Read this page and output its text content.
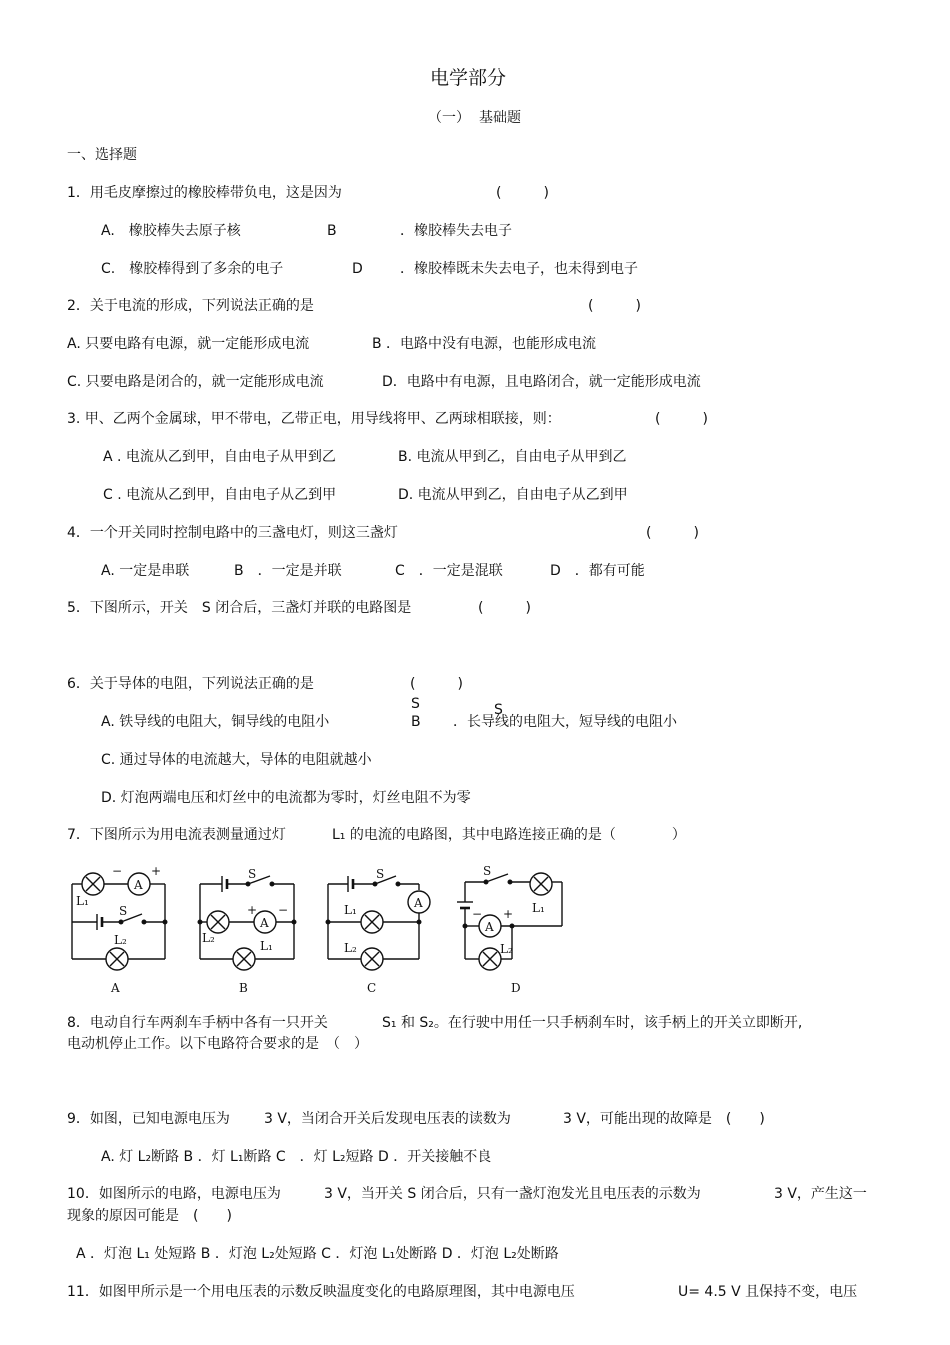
电学部分
（一） 基础题
一、选择题
1．用毛皮摩擦过的橡胶棒带负电，这是因为	(　　　)
A.　橡胶棒失去原子核	B	．橡胶棒失去电子
C.　橡胶棒得到了多余的电子	D	．橡胶棒既未失去电子，也未得到电子
2．关于电流的形成，下列说法正确的是	(　　　)
A. 只要电路有电源，就一定能形成电流	B ．电路中没有电源，也能形成电流
C. 只要电路是闭合的，就一定能形成电流	D．电路中有电源，且电路闭合，就一定能形成电流
3. 甲、乙两个金属球，甲不带电，乙带正电，用导线将甲、乙两球相联接，则：	(　　　)
A . 电流从乙到甲，自由电子从甲到乙	B. 电流从甲到乙，自由电子从甲到乙
C . 电流从乙到甲，自由电子从乙到甲	D. 电流从甲到乙，自由电子从乙到甲
4．一个开关同时控制电路中的三盏电灯，则这三盏灯	(　　　)
A. 一定是串联	B　．一定是并联	C　．一定是混联	D　．都有可能
5．下图所示，开关　S 闭合后，三盏灯并联的电路图是	(　　　)
6．关于导体的电阻，下列说法正确的是	(　　　)
S	S
A. 铁导线的电阻大，铜导线的电阻小	B ．长导线的电阻大，短导线的电阻小
C. 通过导体的电流越大，导体的电阻就越小
D. 灯泡两端电压和灯丝中的电流都为零时，灯丝电阻不为零
7．下图所示为用电流表测量通过灯	L₁ 的电流的电路图，其中电路连接正确的是（　　　　）
A
L₁
S
L₂
− +
A
A
S
L₂
L₁
+ −
B
A
S
L₁
L₂
C
A
S
L₁
L₂
+
−
D
8．电动自行车两刹车手柄中各有一只开关	S₁ 和 S₂。在行驶中用任一只手柄刹车时，该手柄上的开关立即断开,
电动机停止工作。以下电路符合要求的是　（　）
9．如图，已知电源电压为 3 V，当闭合开关后发现电压表的读数为	3 V，可能出现的故障是　(　　)
A. 灯 L₂断路 B ．灯 L₁断路 C　．灯 L₂短路 D ．开关接触不良
10．如图所示的电路，电源电压为	3 V，当开关 S 闭合后，只有一盏灯泡发光且电压表的示数为	3 V，产生这一
现象的原因可能是　(　　)
A ．灯泡 L₁ 处短路 B ．灯泡 L₂处短路 C ．灯泡 L₁处断路 D ．灯泡 L₂处断路
11．如图甲所示是一个用电压表的示数反映温度变化的电路原理图，其中电源电压	U= 4.5 V 且保持不变，电压
